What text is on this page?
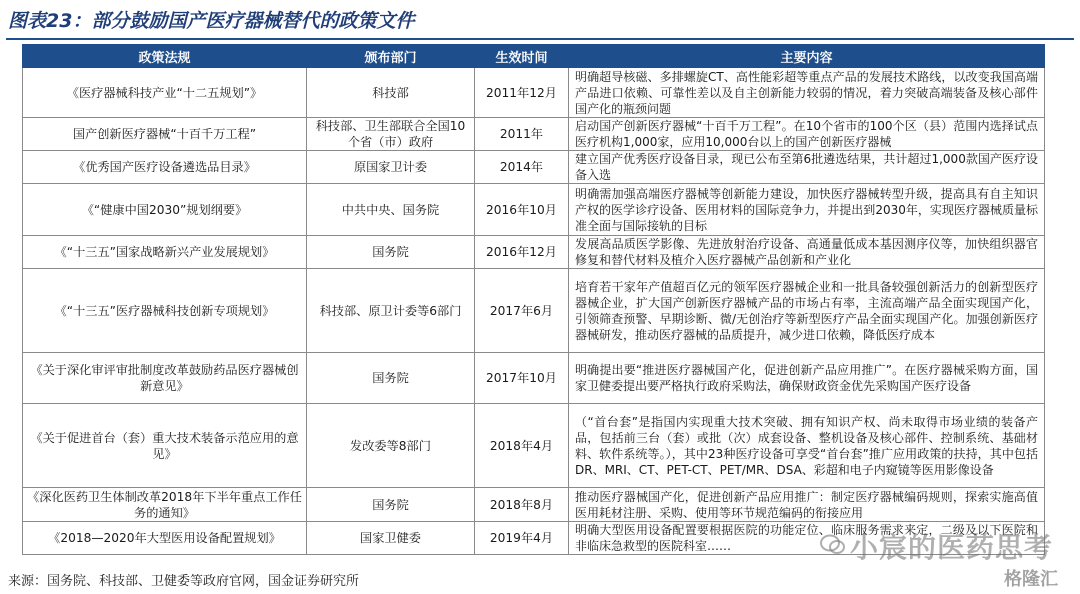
图表23：部分鼓励国产医疗器械替代的政策文件
政策法规	颁布部门	生效时间	主要内容
《医疗器械科技产业“十二五规划”》	科技部	2011年12月	明确超导核磁、多排螺旋CT、高性能彩超等重点产品的发展技术路线，以改变我国高端产品进口依赖、可靠性差以及自主创新能力较弱的情况，着力突破高端装备及核心部件国产化的瓶颈问题
国产创新医疗器械“十百千万工程”	科技部、卫生部联合全国10个省（市）政府	2011年	启动国产创新医疗器械“十百千万工程”。在10个省市的100个区（县）范围内选择试点医疗机构1,000家，应用10,000台以上的国产创新医疗器械
《优秀国产医疗设备遴选品目录》	原国家卫计委	2014年	建立国产优秀医疗设备目录，现已公布至第6批遴选结果，共计超过1,000款国产医疗设备入选
《“健康中国2030”规划纲要》	中共中央、国务院	2016年10月	明确需加强高端医疗器械等创新能力建设，加快医疗器械转型升级，提高具有自主知识产权的医学诊疗设备、医用材料的国际竞争力，并提出到2030年，实现医疗器械质量标准全面与国际接轨的目标
《“十三五”国家战略新兴产业发展规划》	国务院	2016年12月	发展高品质医学影像、先进放射治疗设备、高通量低成本基因测序仪等，加快组织器官修复和替代材料及植介入医疗器械产品创新和产业化
《“十三五”医疗器械科技创新专项规划》	科技部、原卫计委等6部门	2017年6月	培育若干家年产值超百亿元的领军医疗器械企业和一批具备较强创新活力的创新型医疗器械企业，扩大国产创新医疗器械产品的市场占有率，主流高端产品全面实现国产化，引领筛查预警、早期诊断、微/无创治疗等新型医疗产品全面实现国产化。加强创新医疗器械研发，推动医疗器械的品质提升，减少进口依赖，降低医疗成本
《关于深化审评审批制度改革鼓励药品医疗器械创新意见》	国务院	2017年10月	明确提出要“推进医疗器械国产化，促进创新产品应用推广”。在医疗器械采购方面，国家卫健委提出要严格执行政府采购法，确保财政资金优先采购国产医疗设备
《关于促进首台（套）重大技术装备示范应用的意见》	发改委等8部门	2018年4月	（“首台套”是指国内实现重大技术突破、拥有知识产权、尚未取得市场业绩的装备产品，包括前三台（套）或批（次）成套设备、整机设备及核心部件、控制系统、基础材料、软件系统等。），其中23种医疗设备可享受“首台套”推广应用政策的扶持，其中包括DR、MRI、CT、PET-CT、PET/MR、DSA、彩超和电子内窥镜等医用影像设备
《深化医药卫生体制改革2018年下半年重点工作任务的通知》	国务院	2018年8月	推动医疗器械国产化，促进创新产品应用推广：制定医疗器械编码规则，探索实施高值医用耗材注册、采购、使用等环节规范编码的衔接应用
《2018—2020年大型医用设备配置规划》	国家卫健委	2019年4月	明确大型医用设备配置要根据医院的功能定位、临床服务需求来定，二级及以下医院和非临床急救型的医院科室……
来源：国务院、科技部、卫健委等政府官网，国金证券研究所
小宸的医药思考
格隆汇
